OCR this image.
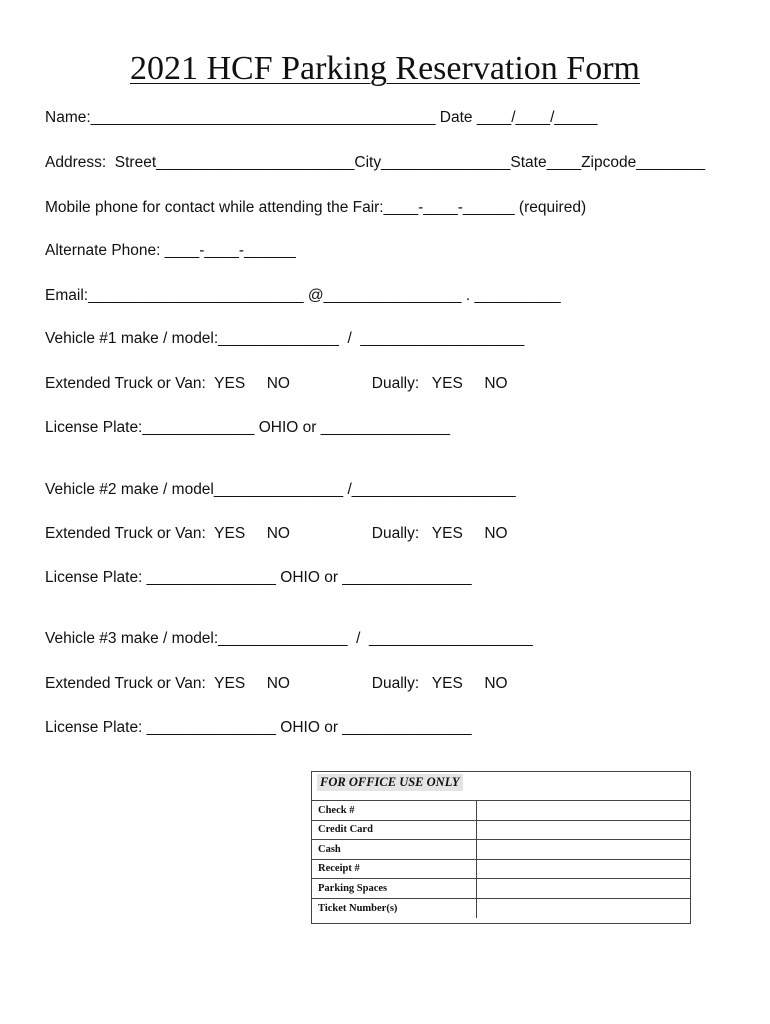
2021 HCF Parking Reservation Form
Name:________________________________________ Date ____/____/_____
Address:  Street_______________________City_______________State____Zipcode________
Mobile phone for contact while attending the Fair:____-____-______ (required)
Alternate Phone: ____-____-______
Email:_________________________ @________________ . __________
Vehicle #1 make / model:______________  /  ___________________
Extended Truck or Van:  YES     NO                   Dually:   YES     NO
License Plate:_____________ OHIO or _______________
Vehicle #2 make / model_______________ /___________________
Extended Truck or Van:  YES     NO                   Dually:   YES     NO
License Plate: _______________ OHIO or _______________
Vehicle #3 make / model:_______________  /  ___________________
Extended Truck or Van:  YES     NO                   Dually:   YES     NO
License Plate: _______________ OHIO or _______________
FOR OFFICE USE ONLY
Check #	
Credit Card	
Cash	
Receipt #	
Parking Spaces	
Ticket Number(s)	
